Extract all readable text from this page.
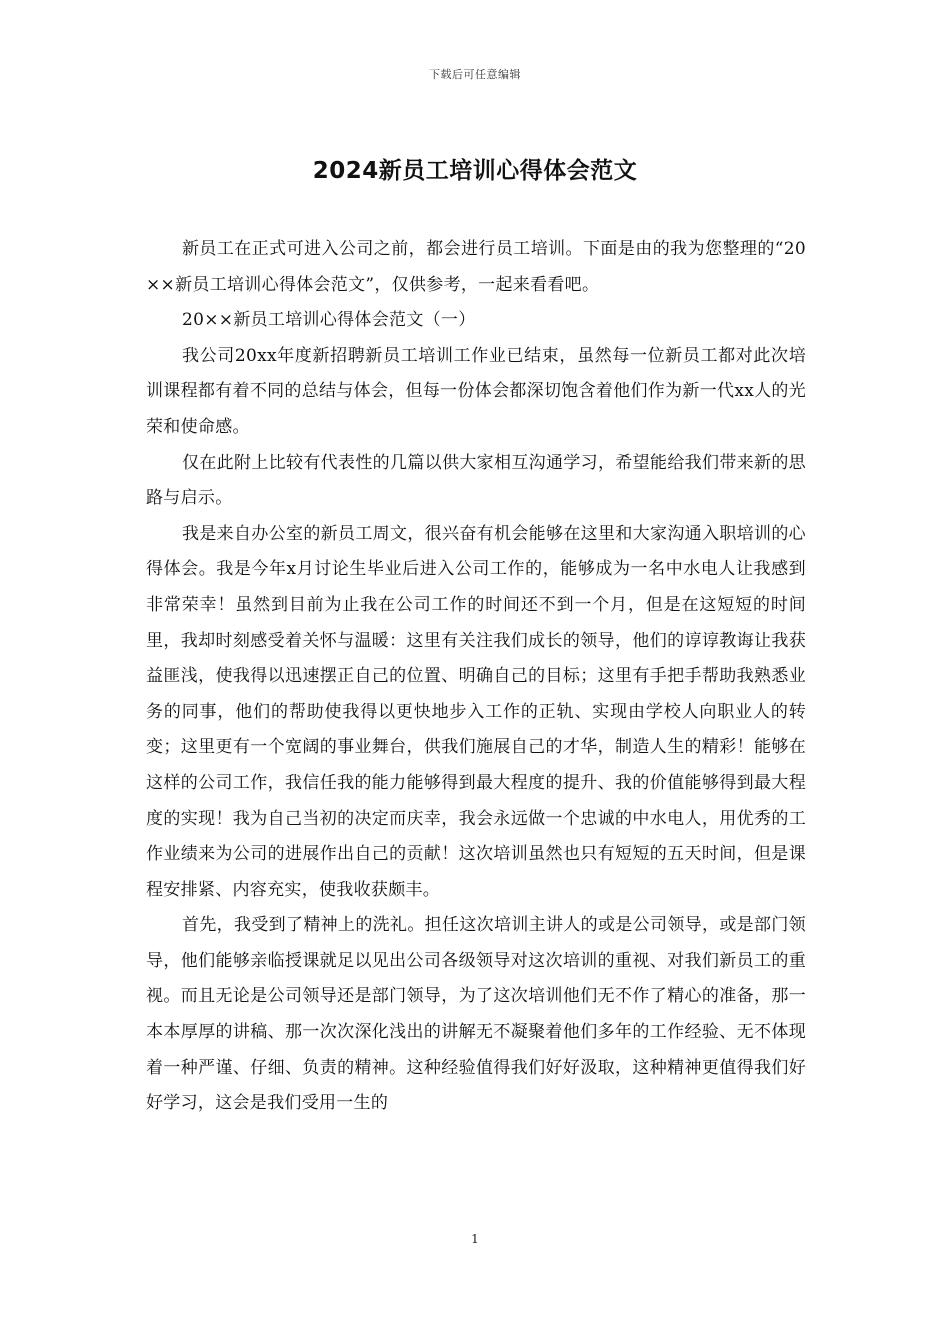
下载后可任意编辑
2024新员工培训心得体会范文

新员工在正式可进入公司之前，都会进行员工培训。下面是由的我为您整理的“20××新员工培训心得体会范文”，仅供参考，一起来看看吧。

20××新员工培训心得体会范文（一）

我公司20xx年度新招聘新员工培训工作业已结束，虽然每一位新员工都对此次培训课程都有着不同的总结与体会，但每一份体会都深切饱含着他们作为新一代xx人的光荣和使命感。

仅在此附上比较有代表性的几篇以供大家相互沟通学习，希望能给我们带来新的思路与启示。

我是来自办公室的新员工周文，很兴奋有机会能够在这里和大家沟通入职培训的心得体会。我是今年x月讨论生毕业后进入公司工作的，能够成为一名中水电人让我感到非常荣幸！虽然到目前为止我在公司工作的时间还不到一个月，但是在这短短的时间里，我却时刻感受着关怀与温暖：这里有关注我们成长的领导，他们的谆谆教诲让我获益匪浅，使我得以迅速摆正自己的位置、明确自己的目标；这里有手把手帮助我熟悉业务的同事，他们的帮助使我得以更快地步入工作的正轨、实现由学校人向职业人的转变；这里更有一个宽阔的事业舞台，供我们施展自己的才华，制造人生的精彩！能够在这样的公司工作，我信任我的能力能够得到最大程度的提升、我的价值能够得到最大程度的实现！我为自己当初的决定而庆幸，我会永远做一个忠诚的中水电人，用优秀的工作业绩来为公司的进展作出自己的贡献！这次培训虽然也只有短短的五天时间，但是课程安排紧、内容充实，使我收获颇丰。

首先，我受到了精神上的洗礼。担任这次培训主讲人的或是公司领导，或是部门领导，他们能够亲临授课就足以见出公司各级领导对这次培训的重视、对我们新员工的重视。而且无论是公司领导还是部门领导，为了这次培训他们无不作了精心的准备，那一本本厚厚的讲稿、那一次次深化浅出的讲解无不凝聚着他们多年的工作经验、无不体现着一种严谨、仔细、负责的精神。这种经验值得我们好好汲取，这种精神更值得我们好好学习，这会是我们受用一生的

1
